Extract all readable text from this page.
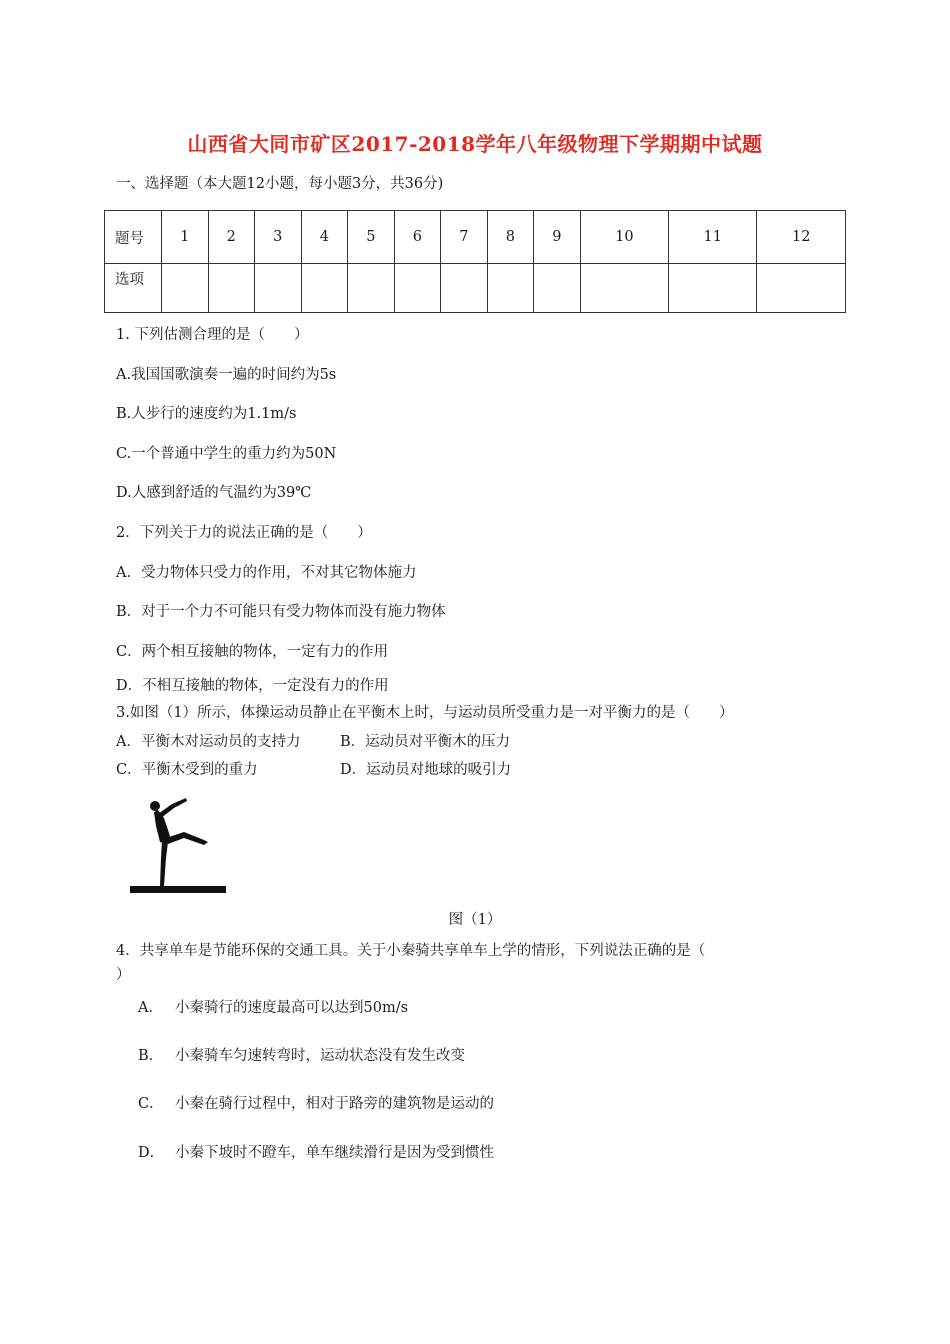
山西省大同市矿区2017-2018学年八年级物理下学期期中试题
一、选择题（本大题12小题，每小题3分，共36分)
题号	1	2	3	4	5	6	7	8	9	10	11	12
选项												
1. 下列估测合理的是（　　）
A.我国国歌演奏一遍的时间约为5s
B.人步行的速度约为1.1m/s
C.一个普通中学生的重力约为50N
D.人感到舒适的气温约为39℃
2．下列关于力的说法正确的是（　　）
A．受力物体只受力的作用，不对其它物体施力
B．对于一个力不可能只有受力物体而没有施力物体
C．两个相互接触的物体，一定有力的作用
D．不相互接触的物体，一定没有力的作用
3.如图（1）所示，体操运动员静止在平衡木上时，与运动员所受重力是一对平衡力的是（　　）
A．平衡木对运动员的支持力	B．运动员对平衡木的压力
C．平衡木受到的重力	D．运动员对地球的吸引力
图（1）
4．共享单车是节能环保的交通工具。关于小秦骑共享单车上学的情形，下列说法正确的是（
）
A． 小秦骑行的速度最高可以达到50m/s
B． 小秦骑车匀速转弯时，运动状态没有发生改变
C． 小秦在骑行过程中，相对于路旁的建筑物是运动的
D． 小秦下坡时不蹬车，单车继续滑行是因为受到惯性
